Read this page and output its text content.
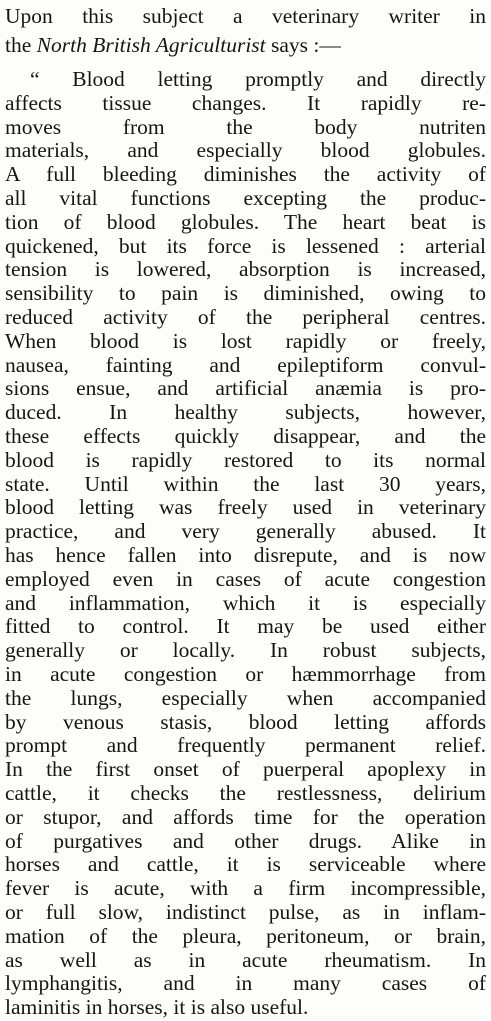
Upon this subject a veterinary writer in
the North British Agriculturist says :—
“ Blood letting promptly and directly
affects tissue changes. It rapidly re-
moves from the body nutriten
materials, and especially blood globules.
A full bleeding diminishes the activity of
all vital functions excepting the produc-
tion of blood globules. The heart beat is
quickened, but its force is lessened : arterial
tension is lowered, absorption is increased,
sensibility to pain is diminished, owing to
reduced activity of the peripheral centres.
When blood is lost rapidly or freely,
nausea, fainting and epileptiform convul-
sions ensue, and artificial anæmia is pro-
duced. In healthy subjects, however,
these effects quickly disappear, and the
blood is rapidly restored to its normal
state. Until within the last 30 years,
blood letting was freely used in veterinary
practice, and very generally abused. It
has hence fallen into disrepute, and is now
employed even in cases of acute congestion
and inflammation, which it is especially
fitted to control. It may be used either
generally or locally. In robust subjects,
in acute congestion or hæmmorrhage from
the lungs, especially when accompanied
by venous stasis, blood letting affords
prompt and frequently permanent relief.
In the first onset of puerperal apoplexy in
cattle, it checks the restlessness, delirium
or stupor, and affords time for the operation
of purgatives and other drugs. Alike in
horses and cattle, it is serviceable where
fever is acute, with a firm incompressible,
or full slow, indistinct pulse, as in inflam-
mation of the pleura, peritoneum, or brain,
as well as in acute rheumatism. In
lymphangitis, and in many cases of
laminitis in horses, it is also useful.
